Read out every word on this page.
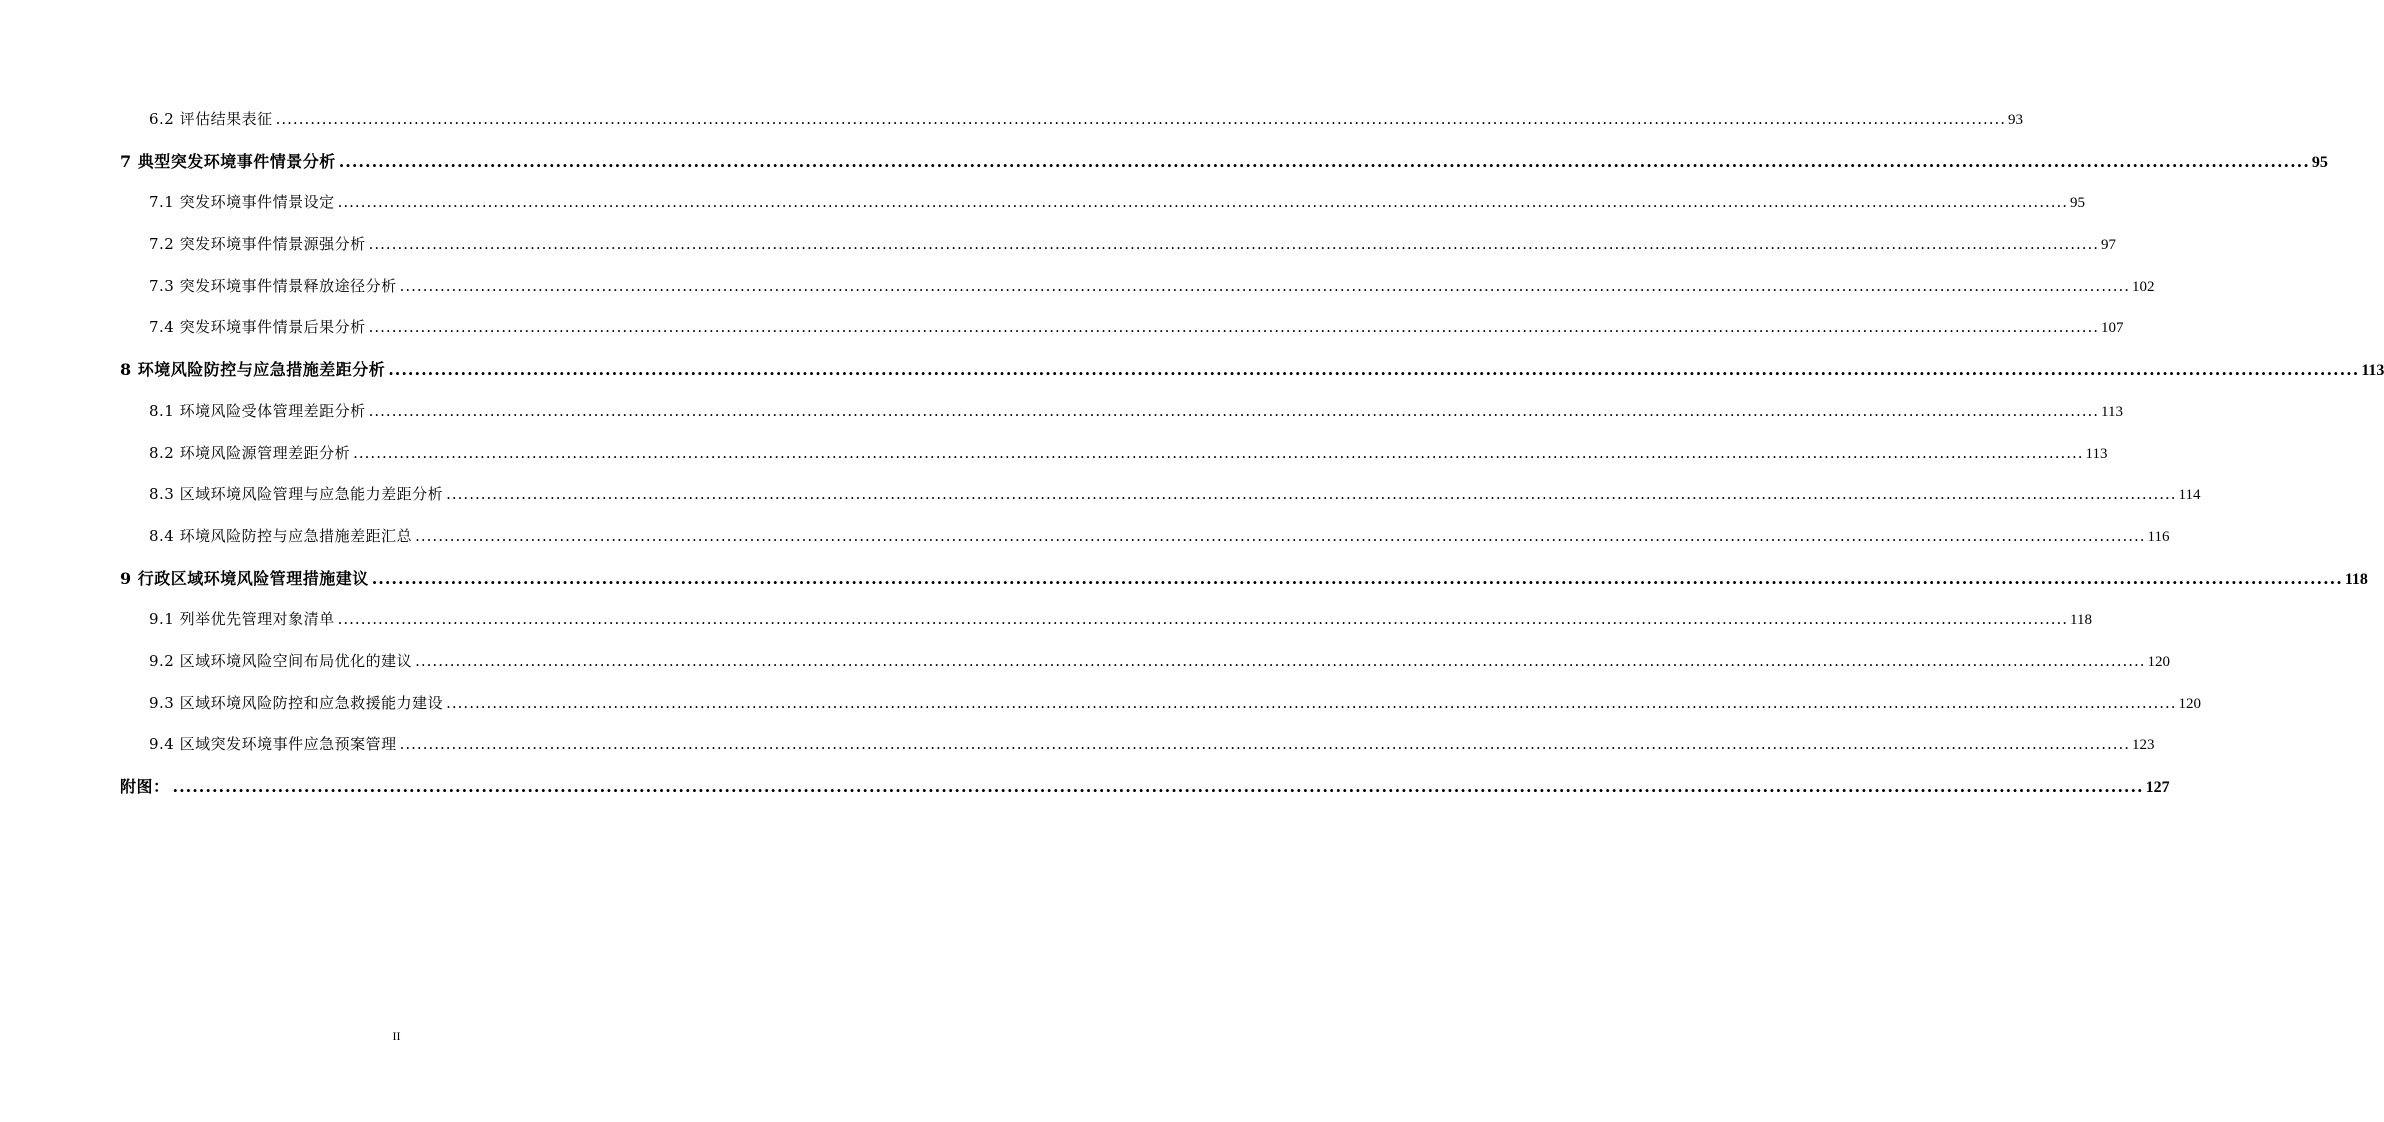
6.2 评估结果表征 ............................................................................................................................................................................................................................................................................................................ 93
7 典型突发环境事件情景分析 ............................................................................................................................................................................................................................................................................................................ 95
7.1 突发环境事件情景设定 ............................................................................................................................................................................................................................................................................................................ 95
7.2 突发环境事件情景源强分析 ............................................................................................................................................................................................................................................................................................................ 97
7.3 突发环境事件情景释放途径分析 ............................................................................................................................................................................................................................................................................................................ 102
7.4 突发环境事件情景后果分析 ............................................................................................................................................................................................................................................................................................................ 107
8 环境风险防控与应急措施差距分析 ............................................................................................................................................................................................................................................................................................................ 113
8.1 环境风险受体管理差距分析 ............................................................................................................................................................................................................................................................................................................ 113
8.2 环境风险源管理差距分析 ............................................................................................................................................................................................................................................................................................................ 113
8.3 区域环境风险管理与应急能力差距分析 ............................................................................................................................................................................................................................................................................................................ 114
8.4 环境风险防控与应急措施差距汇总 ............................................................................................................................................................................................................................................................................................................ 116
9 行政区域环境风险管理措施建议 ............................................................................................................................................................................................................................................................................................................ 118
9.1 列举优先管理对象清单 ............................................................................................................................................................................................................................................................................................................ 118
9.2 区域环境风险空间布局优化的建议 ............................................................................................................................................................................................................................................................................................................ 120
9.3 区域环境风险防控和应急救援能力建设 ............................................................................................................................................................................................................................................................................................................ 120
9.4 区域突发环境事件应急预案管理 ............................................................................................................................................................................................................................................................................................................ 123
附图： ............................................................................................................................................................................................................................................................................................................ 127
II
